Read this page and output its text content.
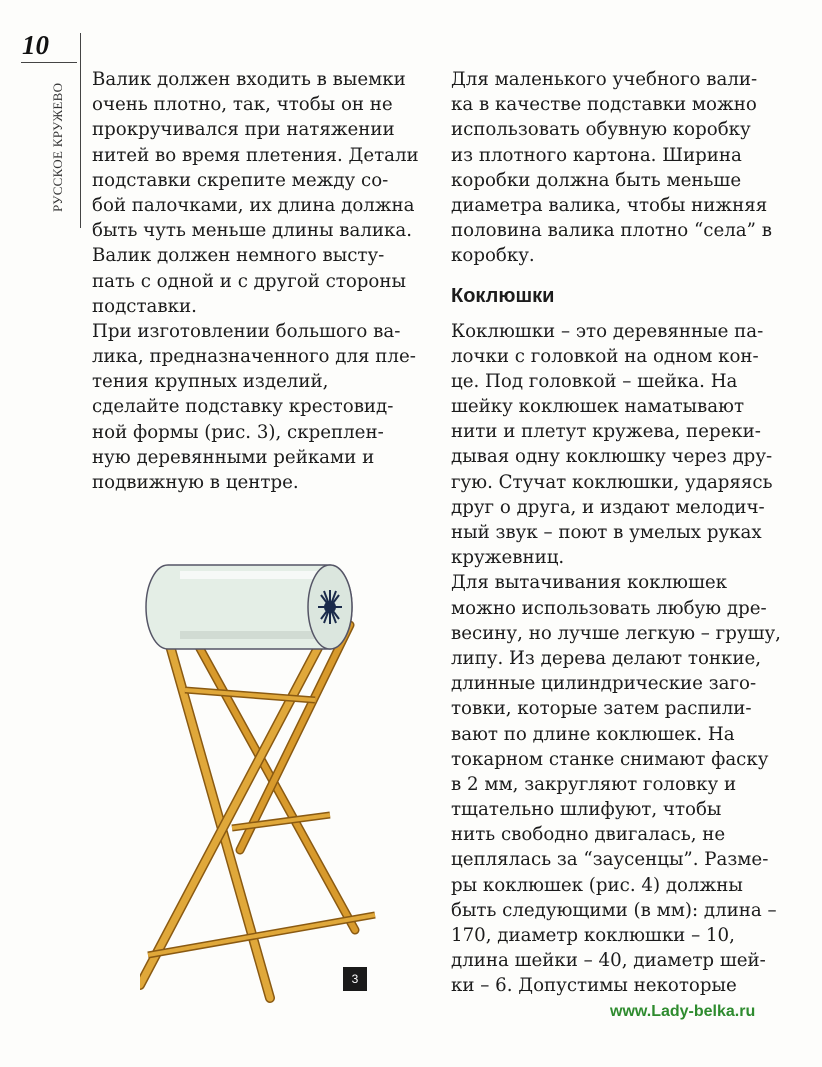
10
РУССКОЕ КРУЖЕВО
Валик должен входить в выемки
очень плотно, так, чтобы он не
прокручивался при натяжении
нитей во время плетения. Детали
подставки скрепите между со-
бой палочками, их длина должна
быть чуть меньше длины валика.
Валик должен немного высту-
пать с одной и с другой стороны
подставки.
При изготовлении большого ва-
лика, предназначенного для пле-
тения крупных изделий,
сделайте подставку крестовид-
ной формы (рис. 3), скреплен-
ную деревянными рейками и
подвижную в центре.
Для маленького учебного вали-
ка в качестве подставки можно
использовать обувную коробку
из плотного картона. Ширина
коробки должна быть меньше
диаметра валика, чтобы нижняя
половина валика плотно “села” в
коробку.
Коклюшки
Коклюшки – это деревянные па-
лочки с головкой на одном кон-
це. Под головкой – шейка. На
шейку коклюшек наматывают
нити и плетут кружева, переки-
дывая одну коклюшку через дру-
гую. Стучат коклюшки, ударяясь
друг о друга, и издают мелодич-
ный звук – поют в умелых руках
кружевниц.
Для вытачивания коклюшек
можно использовать любую дре-
весину, но лучше легкую – грушу,
липу. Из дерева делают тонкие,
длинные цилиндрические заго-
товки, которые затем распили-
вают по длине коклюшек. На
токарном станке снимают фаску
в 2 мм, закругляют головку и
тщательно шлифуют, чтобы
нить свободно двигалась, не
цеплялась за “заусенцы”. Разме-
ры коклюшек (рис. 4) должны
быть следующими (в мм): длина –
170, диаметр коклюшки – 10,
длина шейки – 40, диаметр шей-
ки – 6. Допустимы некоторые
3
www.Lady-belka.ru
